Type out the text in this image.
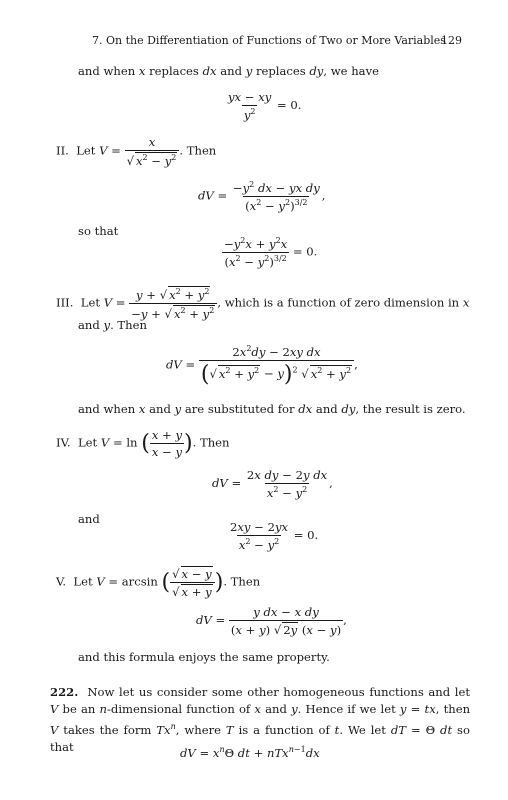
7. On the Differentiation of Functions of Two or More Variables
129
and when x replaces dx and y replaces dy, we have
$\frac{yx - xy}{y^2} = 0$.
II.  Let V = x
√ $x^2 - y^2$ . Then
dV = $\frac{-y^2 dx - yx dy}{(x^2 - y^2)^{3/2}}$ ,
so that
$\frac{-y^2x + y^2x}{(x^2 - y^2)^{3/2}} = 0$.
III.  Let $V = \frac{y + √ x^2 + y^2}{-y + √ x^2 + y^2}$ , which is a function of zero dimension in x
and y. Then
dV = $\frac{2x^2dy - 2xy dx}{( √ x^2 + y^2 - y)^2 √ x^2 + y^2}$ ,
and when x and y are substituted for dx and dy, the result is zero.
IV.  Let V = ln ( $\frac{x + y}{x - y}$ ). Then
dV = $\frac{\text{2x dy − 2y dx}}{x^2 - y^2}$ ,
and
$\frac{2xy - 2yx}{x^2 - y^2} = 0$.
V.  Let V = arcsin ( √ x − y
√ x + y ). Then
dV = $\frac{\text{y dx − x dy}}{(x + y) √ 2y (x - y)}$ ,
and this formula enjoys the same property.
222.  Now let us consider some other homogeneous functions and let V be an n-dimensional function of x and y. Hence if we let y = tx, then V takes the form Tx$^n$, where T is a function of t. We let dT = Θ dt so that	dV = $x^n\Theta$ dt + nTx$^{n-1}$dx
